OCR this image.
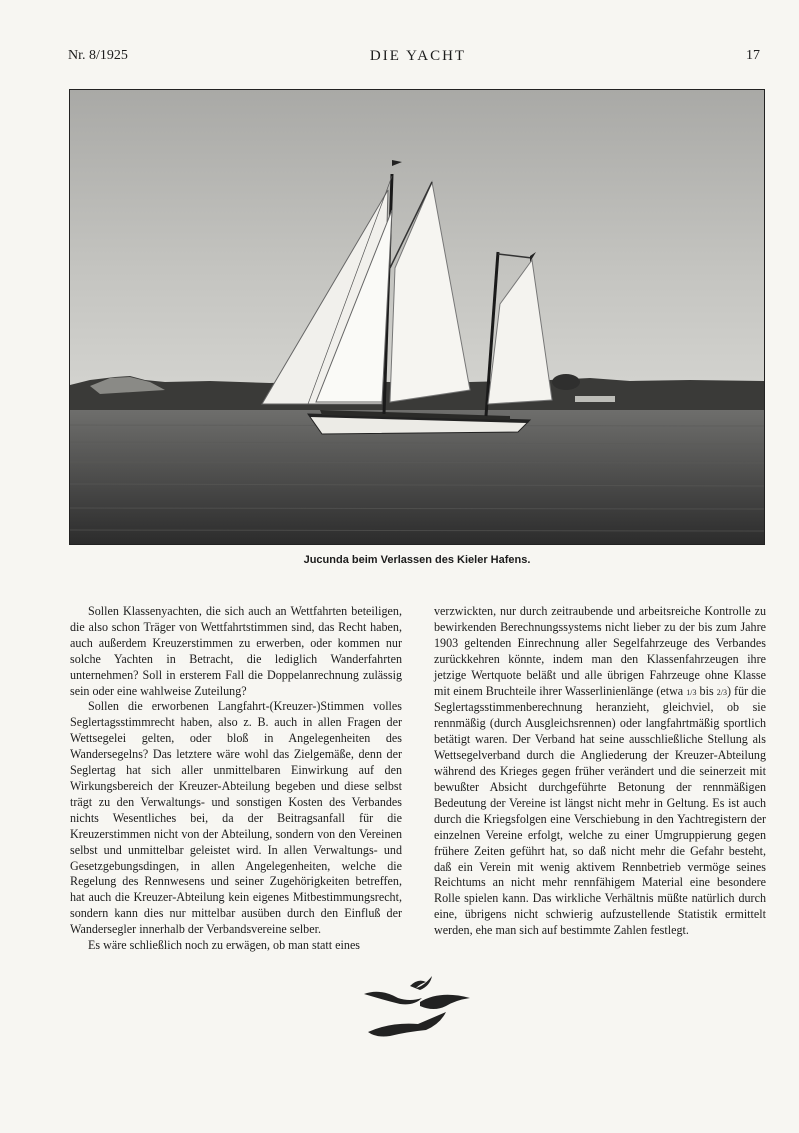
Nr. 8/1925	DIE YACHT	17
Jucunda beim Verlassen des Kieler Hafens.

Sollen Klassenyachten, die sich auch an Wettfahrten beteiligen, die also schon Träger von Wettfahrtstimmen sind, das Recht haben, auch außerdem Kreuzerstimmen zu erwerben, oder kommen nur solche Yachten in Betracht, die lediglich Wanderfahrten unternehmen? Soll in ersterem Fall die Doppelanrechnung zulässig sein oder eine wahlweise Zuteilung?

Sollen die erworbenen Langfahrt-(Kreuzer-)Stimmen volles Seglertagsstimmrecht haben, also z. B. auch in allen Fragen der Wettsegelei gelten, oder bloß in Angelegenheiten des Wandersegelns? Das letztere wäre wohl das Zielgemäße, denn der Seglertag hat sich aller unmittelbaren Einwirkung auf den Wirkungsbereich der Kreuzer-Abteilung begeben und diese selbst trägt zu den Verwaltungs- und sonstigen Kosten des Verbandes nichts Wesentliches bei, da der Beitragsanfall für die Kreuzerstimmen nicht von der Abteilung, sondern von den Vereinen selbst und unmittelbar geleistet wird. In allen Verwaltungs- und Gesetzgebungsdingen, in allen Angelegenheiten, welche die Regelung des Rennwesens und seiner Zugehörigkeiten betreffen, hat auch die Kreuzer-Abteilung kein eigenes Mitbestimmungsrecht, sondern kann dies nur mittelbar ausüben durch den Einfluß der Wandersegler innerhalb der Verbandsvereine selber.

Es wäre schließlich noch zu erwägen, ob man statt eines

verzwickten, nur durch zeitraubende und arbeitsreiche Kontrolle zu bewirkenden Berechnungssystems nicht lieber zu der bis zum Jahre 1903 geltenden Einrechnung aller Segelfahrzeuge des Verbandes zurückkehren könnte, indem man den Klassenfahrzeugen ihre jetzige Wertquote beläßt und alle übrigen Fahrzeuge ohne Klasse mit einem Bruchteile ihrer Wasserlinienlänge (etwa 1/3 bis 2/3) für die Seglertagsstimmenberechnung heranzieht, gleichviel, ob sie rennmäßig (durch Ausgleichsrennen) oder langfahrtmäßig sportlich betätigt waren. Der Verband hat seine ausschließliche Stellung als Wettsegelverband durch die Angliederung der Kreuzer-Abteilung während des Krieges gegen früher verändert und die seinerzeit mit bewußter Absicht durchgeführte Betonung der rennmäßigen Bedeutung der Vereine ist längst nicht mehr in Geltung. Es ist auch durch die Kriegsfolgen eine Verschiebung in den Yachtregistern der einzelnen Vereine erfolgt, welche zu einer Umgruppierung gegen frühere Zeiten geführt hat, so daß nicht mehr die Gefahr besteht, daß ein Verein mit wenig aktivem Rennbetrieb vermöge seines Reichtums an nicht mehr rennfähigem Material eine besondere Rolle spielen kann. Das wirkliche Verhältnis müßte natürlich durch eine, übrigens nicht schwierig aufzustellende Statistik ermittelt werden, ehe man sich auf bestimmte Zahlen festlegt.
